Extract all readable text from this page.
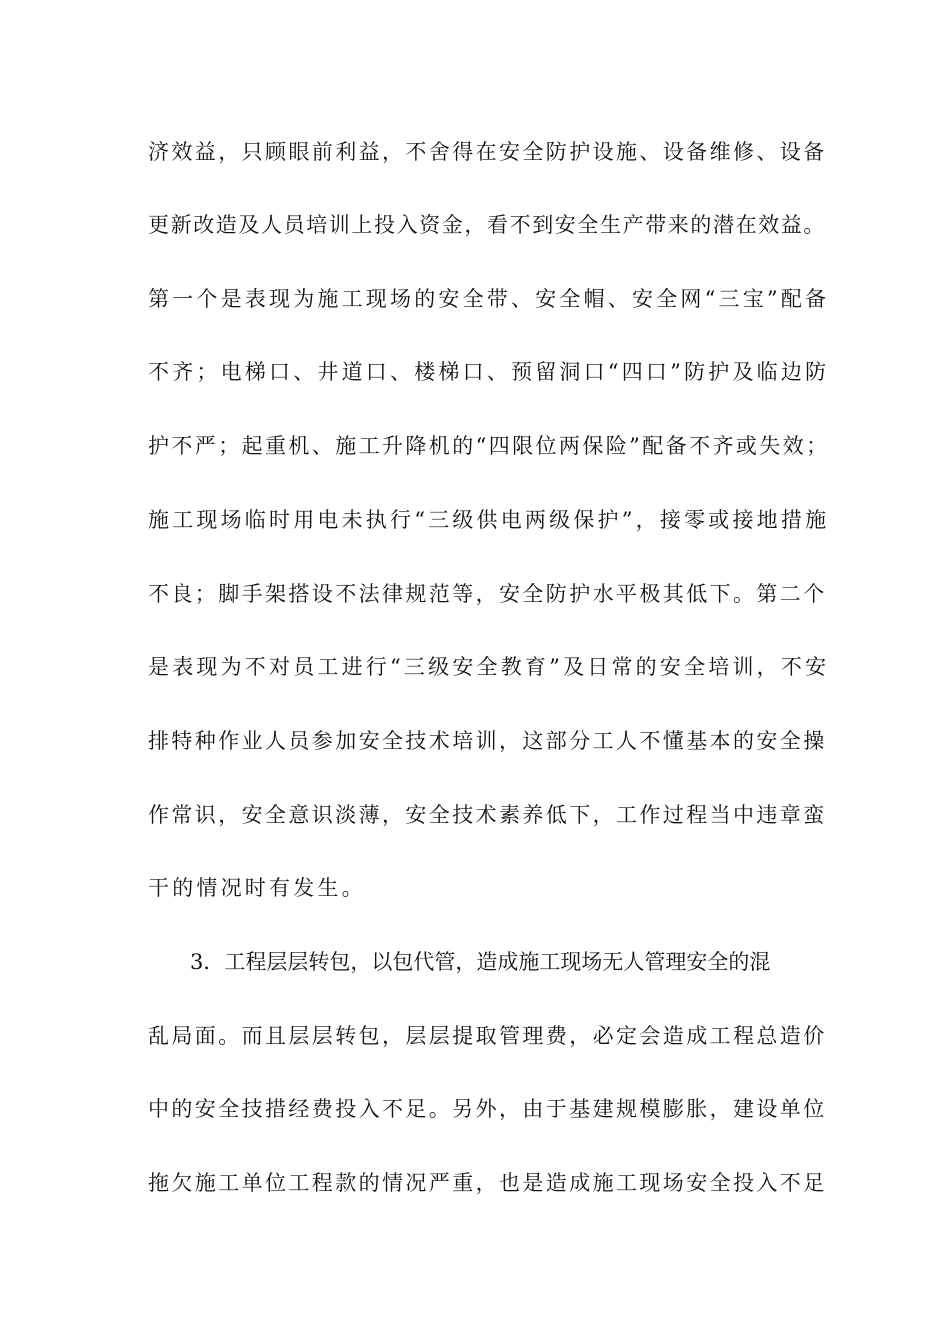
济效益，只顾眼前利益，不舍得在安全防护设施、设备维修、设备
更新改造及人员培训上投入资金，看不到安全生产带来的潜在效益。
第一个是表现为施工现场的安全带、安全帽、安全网“三宝”配备
不齐；电梯口、井道口、楼梯口、预留洞口“四口”防护及临边防
护不严；起重机、施工升降机的“四限位两保险”配备不齐或失效；
施工现场临时用电未执行“三级供电两级保护”，接零或接地措施
不良；脚手架搭设不法律规范等，安全防护水平极其低下。第二个
是表现为不对员工进行“三级安全教育”及日常的安全培训，不安
排特种作业人员参加安全技术培训，这部分工人不懂基本的安全操
作常识，安全意识淡薄，安全技术素养低下，工作过程当中违章蛮
干的情况时有发生。
3．工程层层转包，以包代管，造成施工现场无人管理安全的混
乱局面。而且层层转包，层层提取管理费，必定会造成工程总造价
中的安全技措经费投入不足。另外，由于基建规模膨胀，建设单位
拖欠施工单位工程款的情况严重，也是造成施工现场安全投入不足
